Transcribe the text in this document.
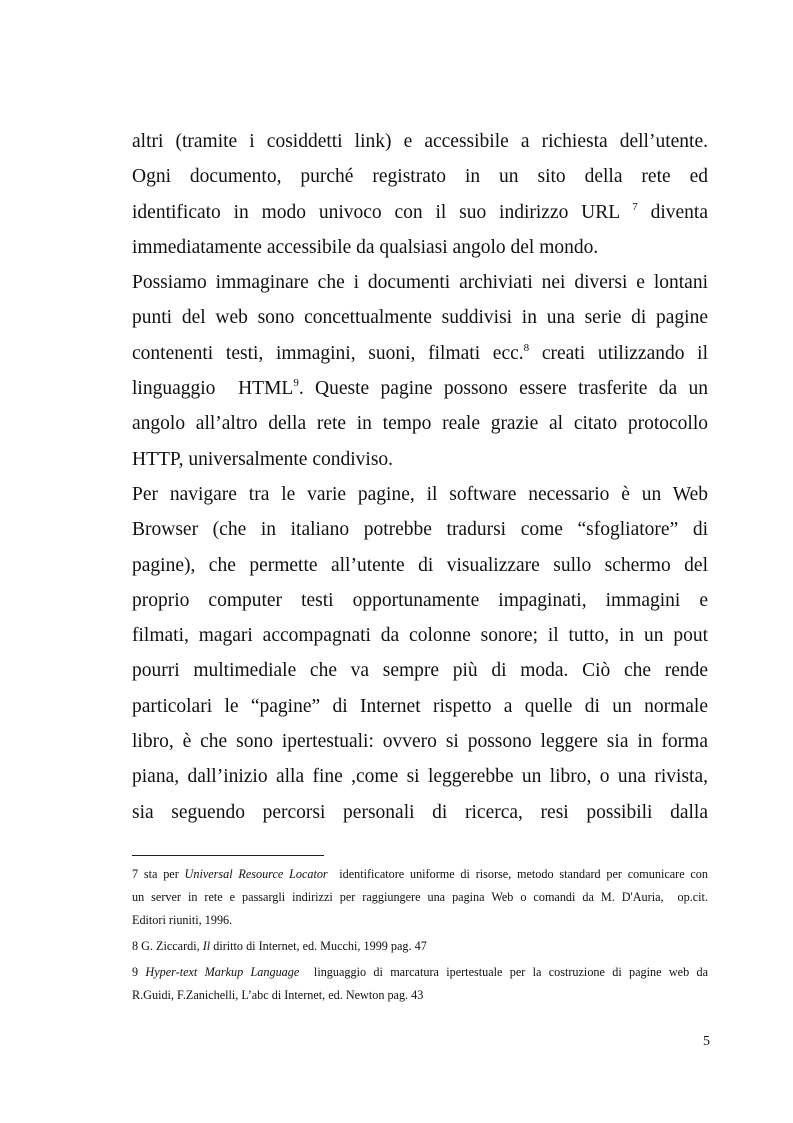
altri (tramite i cosiddetti link) e accessibile a richiesta dell’utente.
Ogni documento, purché registrato in un sito della rete ed
identificato in modo univoco con il suo indirizzo URL $^7$ diventa
immediatamente accessibile da qualsiasi angolo del mondo.
Possiamo immaginare che i documenti archiviati nei diversi e lontani
punti del web sono concettualmente suddivisi in una serie di pagine
contenenti testi, immagini, suoni, filmati ecc.$^8$ creati utilizzando il
linguaggio  HTML$^9$. Queste pagine possono essere trasferite da un
angolo all’altro della rete in tempo reale grazie al citato protocollo
HTTP, universalmente condiviso.
Per navigare tra le varie pagine, il software necessario è un Web
Browser (che in italiano potrebbe tradursi come “sfogliatore” di
pagine), che permette all’utente di visualizzare sullo schermo del
proprio computer testi opportunamente impaginati, immagini e
filmati, magari accompagnati da colonne sonore; il tutto, in un pout
pourri multimediale che va sempre più di moda. Ciò che rende
particolari le “pagine” di Internet rispetto a quelle di un normale
libro, è che sono ipertestuali: ovvero si possono leggere sia in forma
piana, dall’inizio alla fine ,come si leggerebbe un libro, o una rivista,
sia seguendo percorsi personali di ricerca, resi possibili dalla
7 sta per Universal Resource Locator  identificatore uniforme di risorse, metodo standard per comunicare con
un server in rete e passargli indirizzi per raggiungere una pagina Web o comandi da M. D'Auria,  op.cit.
Editori riuniti, 1996.
8 G. Ziccardi, Il diritto di Internet, ed. Mucchi, 1999 pag. 47
9 Hyper-text Markup Language  linguaggio di marcatura ipertestuale per la costruzione di pagine web da
R.Guidi, F.Zanichelli, L’abc di Internet, ed. Newton pag. 43
5
